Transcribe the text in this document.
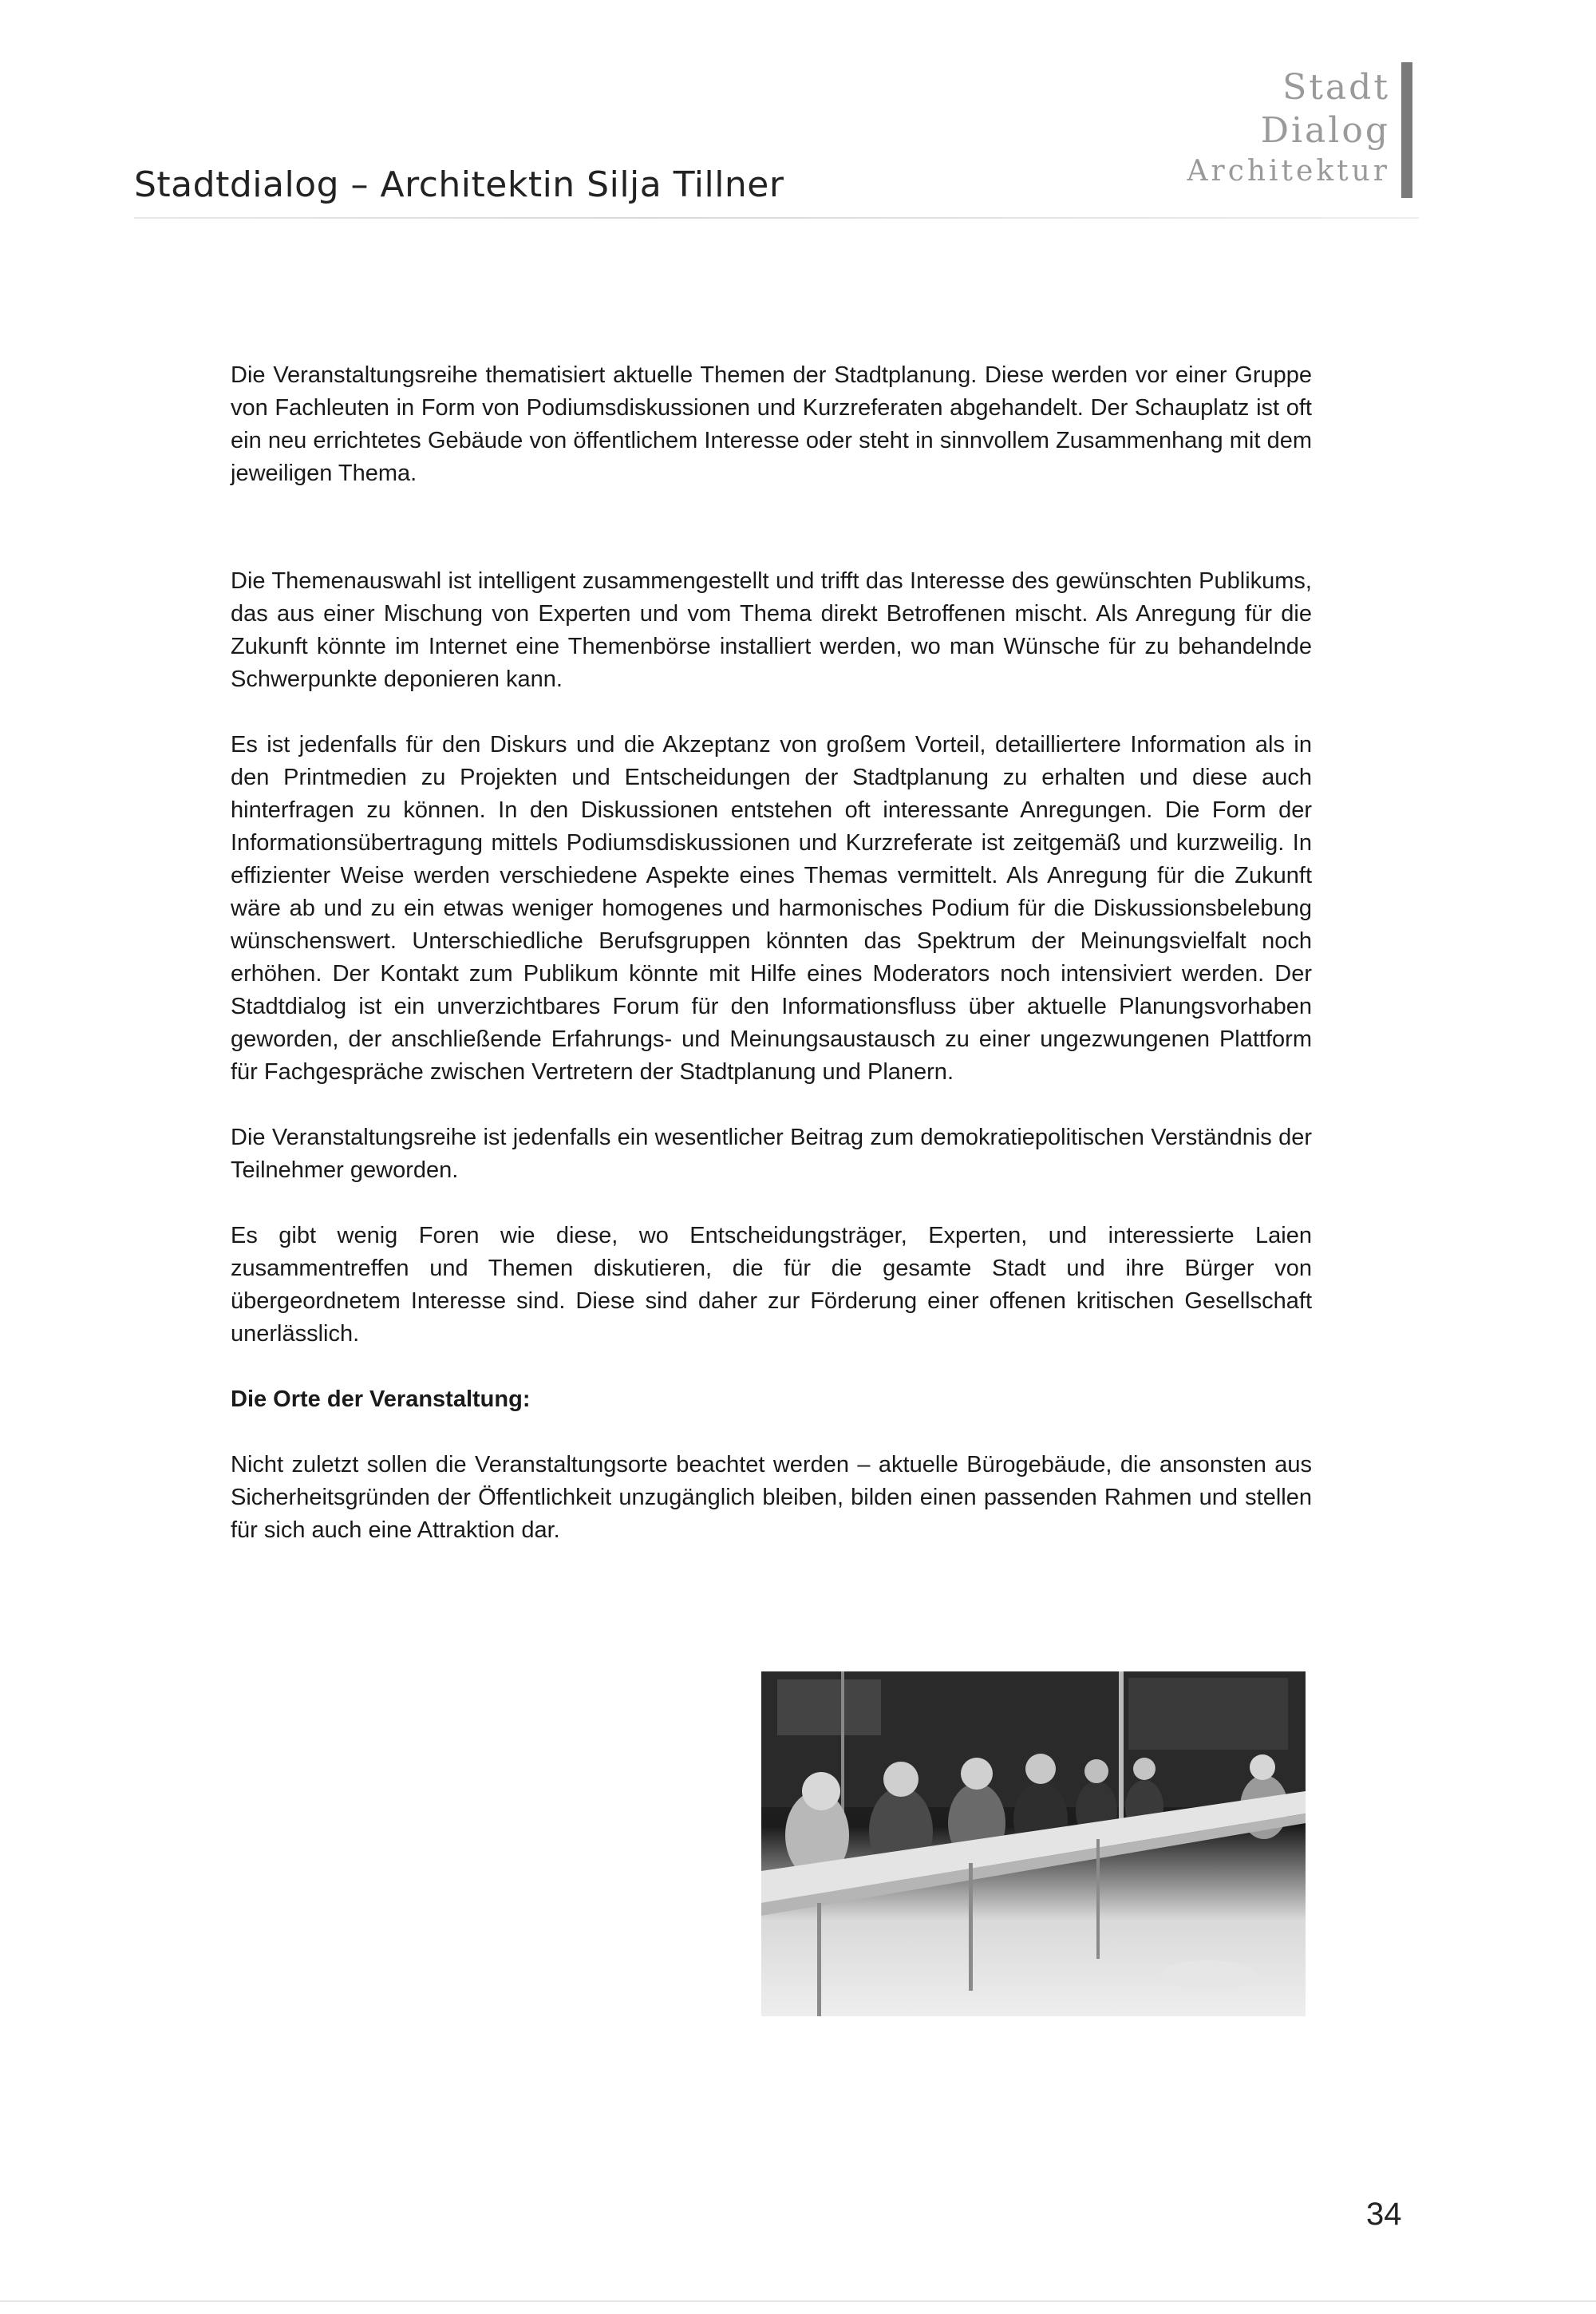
Stadtdialog – Architektin Silja Tillner
Stadt
Dialog
Architektur

Die Veranstaltungsreihe thematisiert aktuelle Themen der Stadtplanung. Diese werden vor einer Gruppe von Fachleuten in Form von Podiumsdiskussionen und Kurzreferaten abgehandelt. Der Schauplatz ist oft ein neu errichtetes Gebäude von öffentlichem Interesse oder steht in sinnvollem Zusammenhang mit dem jeweiligen Thema.

Die Themenauswahl ist intelligent zusammengestellt und trifft das Interesse des gewünschten Publikums, das aus einer Mischung von Experten und vom Thema direkt Betroffenen mischt. Als Anregung für die Zukunft könnte im Internet eine Themenbörse installiert werden, wo man Wünsche für zu behandelnde Schwerpunkte deponieren kann.

Es ist jedenfalls für den Diskurs und die Akzeptanz von großem Vorteil, detailliertere Information als in den Printmedien zu Projekten und Entscheidungen der Stadtplanung zu erhalten und diese auch hinterfragen zu können. In den Diskussionen entstehen oft interessante Anregungen. Die Form der Informationsübertragung mittels Podiumsdiskussionen und Kurzreferate ist zeitgemäß und kurzweilig. In effizienter Weise werden verschiedene Aspekte eines Themas vermittelt. Als Anregung für die Zukunft wäre ab und zu ein etwas weniger homogenes und harmonisches Podium für die Diskussionsbelebung wünschenswert. Unterschiedliche Berufsgruppen könnten das Spektrum der Meinungsvielfalt noch erhöhen. Der Kontakt zum Publikum könnte mit Hilfe eines Moderators noch intensiviert werden. Der Stadtdialog ist ein unverzichtbares Forum für den Informationsfluss über aktuelle Planungsvorhaben geworden, der anschließende Erfahrungs- und Meinungsaustausch zu einer ungezwungenen Plattform für Fachgespräche zwischen Vertretern der Stadtplanung und Planern.

Die Veranstaltungsreihe ist jedenfalls ein wesentlicher Beitrag zum demokratiepolitischen Verständnis der Teilnehmer geworden.

Es gibt wenig Foren wie diese, wo Entscheidungsträger, Experten, und interessierte Laien zusammentreffen und Themen diskutieren, die für die gesamte Stadt und ihre Bürger von übergeordnetem Interesse sind. Diese sind daher zur Förderung einer offenen kritischen Gesellschaft unerlässlich.

Die Orte der Veranstaltung:

Nicht zuletzt sollen die Veranstaltungsorte beachtet werden – aktuelle Bürogebäude, die ansonsten aus Sicherheitsgründen der Öffentlichkeit unzugänglich bleiben, bilden einen passenden Rahmen und stellen für sich auch eine Attraktion dar.

34
